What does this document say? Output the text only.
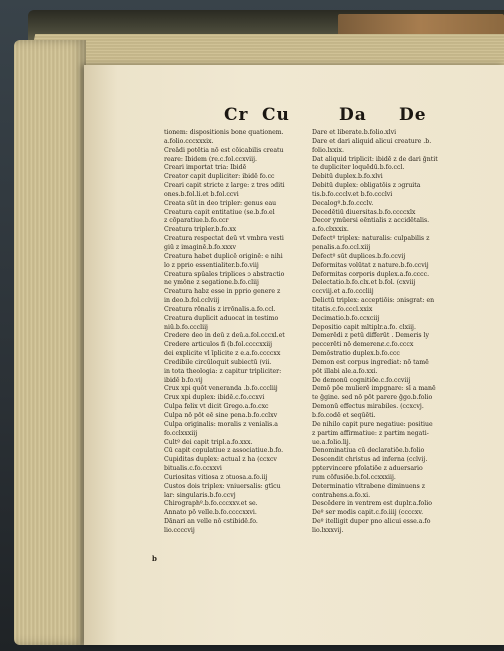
Cr Cu	Da De
tionem: dispositionis bone quationem.
a.folio.cccxxxix.
Creādi potētia nō est cōicabilis creatu
reare: Ibidem (re.c.fol.ccxviij.
Creari importat tria: Ibidē
Creator capit dupliciter: ibidē fo.cc
Creari capit stricte z large: z tres ɔditi
ones.b.fol.li.et b.fol.ccvi
Creata sūt in deo tripler: genus eau
Creatura capit entitatiue (se.b.fo.el
z cōparatiue.b.fo.ccr
Creatura tripler.b.fo.xx
Creatura respectat deū vt vmbra vesti
giū z imaginē.b.fo.xxxv
Creatura habet duplicē originē: e nihi
lo z ppri̇o essentialiter.b.fo.viij
Creatura spūales triplices ɔ abstractio
ne ymōne z segatione.b.fo.cliij
Creatura habz esse in ppri̇o genere z
in deo.b.fol.cclviij
Creatura rōnalis z irrōnalis.a.fo.ccl.
Creatura duplicit aduocat in testimo
niū.b.fo.cccliij
Credere deo in deū z deū.a.fol.cccxl.et
Credere articulos fi (b.fol.ccccxxiij
dei explicite vl īplicite z e.a.fo.ccccxx
Credibile circūloquit subiectū (vii.
in tota theologia: z capitur tripliciter:
ibidē b.fo.vij
Crux xpi quōt veneranda .b.fo.cccliij
Crux xpi duplex: ibidē.c.fo.ccxvi
Culpa felix vt dicit Grego.a.fo.cxc
Culpa nō pōt eē sine pena.b.fo.cclxv
Culpa originalis: moralis z venialis.a
fo.cclxxxiij
Cultº dei capit tripl.a.fo.xxx.
Cū capit copulatiue z associatiue.b.fo.
Cupiditas duplex: actual z ha (ccxcv
bitualis.c.fo.ccxxvi
Curiositas vitiosa z ɔtuosa.a.fo.iij
Custos dois triplex: vniuersalis: gtīcu
lar: singularis.b.fo.ccvj
Chirographº.b.fo.cccxxv.et se.
Annato pō velle.b.fo.ccccxxvi.
Dānari an velle nō cstibidē.fo.
lio.ccccvij
Dare et liberate.b.folio.xlvi
Dare et dari aliquid alicui creature .b.
folio.lxxix.
Dat aliquid triplicit: ibidē z de dari ĝntit
te dupliciter loquēdū.b.fo.ccl.
Debitū duplex.b.fo.xlvi
Debitū duplex: obligatōis z ɔgruita
tis.b.fo.ccclv.et b.fo.ccclvi
Decalogº.b.fo.ccclv.
Decedētiū diuersitas.b.fo.ccccxlx
Decor ymūersi eēntialis z accidētalis.
a.fo.clxxxix.
Defectº triplex: naturalis: culpabilis z
penalis.a.fo.ccl.xiij
Defectº sūt duplices.b.fo.ccvij
Deformitas volūtat z nature.b.fo.ccvij
Deformitas corporis duplex.a.fo.cccc.
Delectatio.b.fo.clx.et b.fol. (cxviij
cccviij.et a.fo.cccliij
Delictū triplex: acceptiōis: ɔnisgrat: en
titatis.c.fo.cccl.xxix
Decimatio.b.fo.ccxciij
Depositio capit mltiplr.a.fo. clxiij.
Demerēdi z petū differūt . Demeris ly
peccerēti nō demerenȼ.c.fo.cccx
Demōstratio duplex.b.fo.ccc
Demon est corpus ingrediat: nō tamē
pōt illabi ale.a.fo.xxi.
De demonū cognitiōe.c.fo.ccviij
Demō pōe mulierē impgnare: sī a manē
te ĝgine. sed nō pōt parere ĝgo.b.folio
Demonū effectus mirabiles. (ccxcvj.
b.fo.codē et seqūēti.
De nihilo capit pure negatiue: positiue
z partim affirmatiue: z partim negati-
ue.a.folio.lij.
Denominatiua cū declaratiōe.b.folio
Descendit christus ad inferna (cclvij.
pptervincere pfolatiōe z aduersario
rum cōfusiōe.b.fol.ccxxxiij.
Determinatio vltrabene diminuens z
contrahens.a.fo.xi.
Descēdere in ventrem est duplr.a.folio
Deº ser modis capit.c.fo.iiij (ccccxv.
Deº itelligit duper pno alicui esse.a.fo
lio.lxxxvij.
b
